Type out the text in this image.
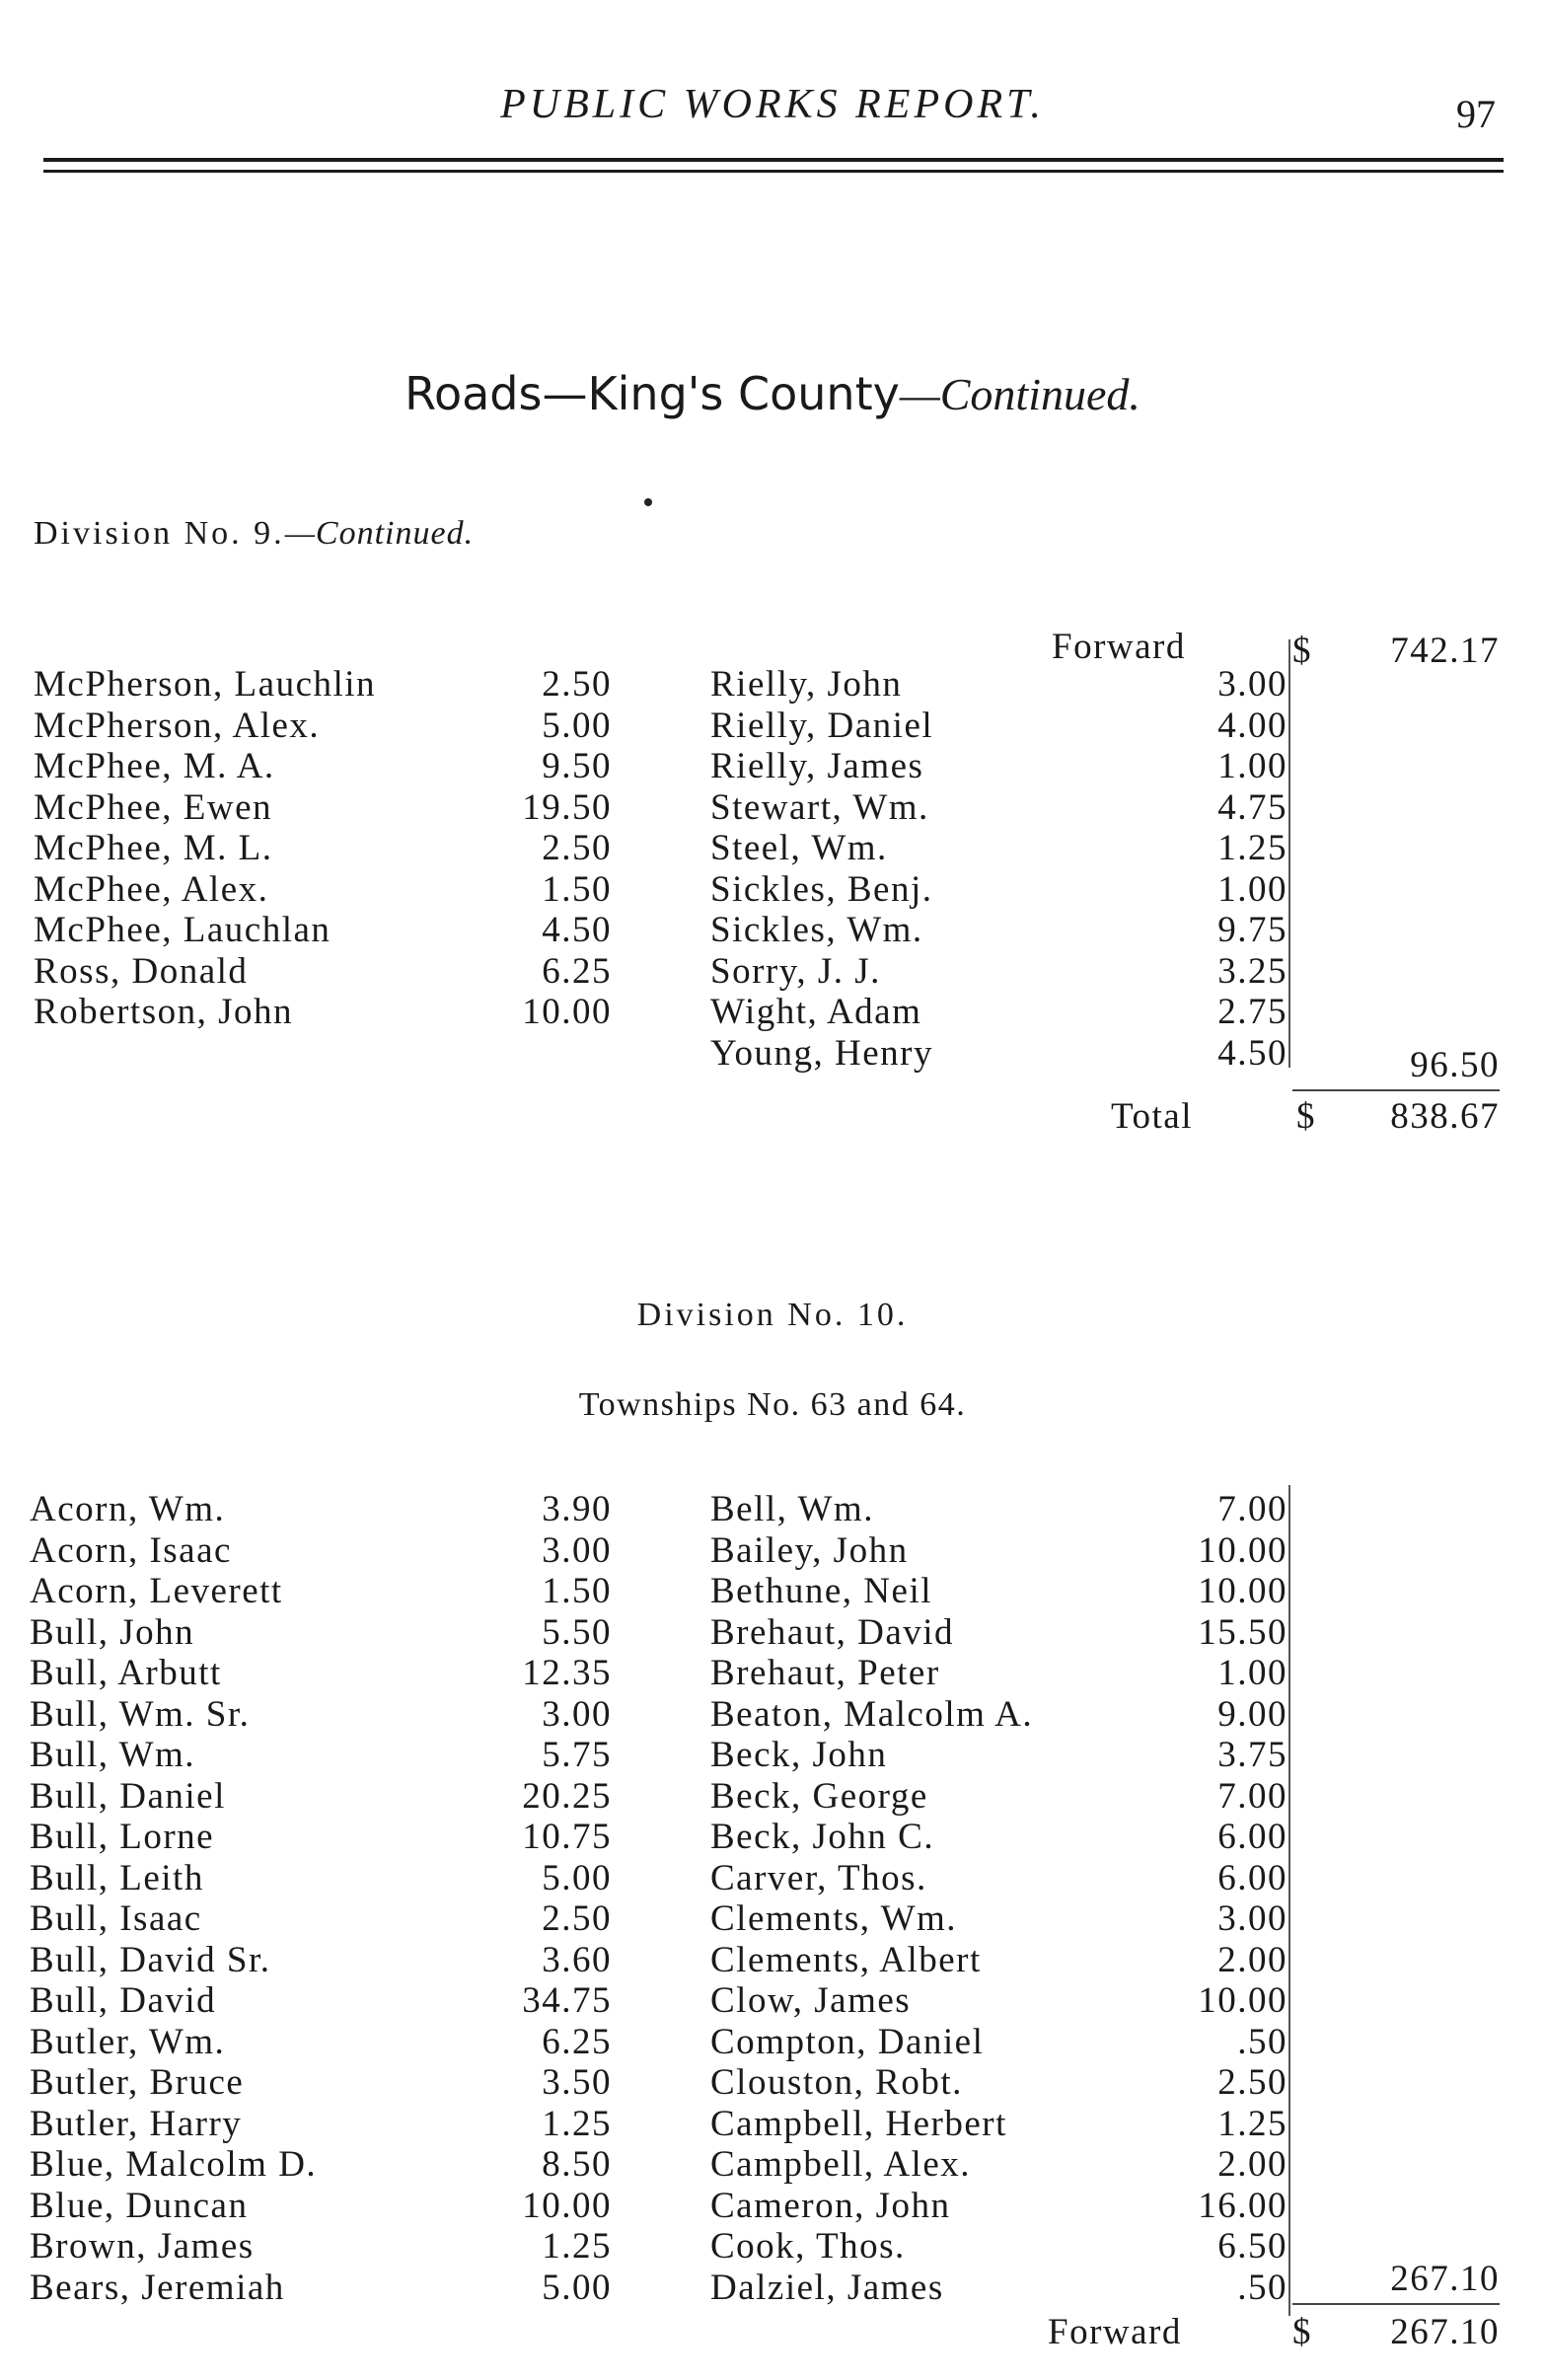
PUBLIC WORKS REPORT.	97
Roads—King's County—Continued.
Division No. 9.—Continued.
Forward	$	742.17
McPherson, Lauchlin	2.50
McPherson, Alex.	5.00
McPhee, M. A.	9.50
McPhee, Ewen	19.50
McPhee, M. L.	2.50
McPhee, Alex.	1.50
McPhee, Lauchlan	4.50
Ross, Donald	6.25
Robertson, John	10.00
Rielly, John	3.00
Rielly, Daniel	4.00
Rielly, James	1.00
Stewart, Wm.	4.75
Steel, Wm.	1.25
Sickles, Benj.	1.00
Sickles, Wm.	9.75
Sorry, J. J.	3.25
Wight, Adam	2.75
Young, Henry	4.50	96.50
Total	$	838.67
Division No. 10.
Townships No. 63 and 64.
Acorn, Wm.	3.90
Acorn, Isaac	3.00
Acorn, Leverett	1.50
Bull, John	5.50
Bull, Arbutt	12.35
Bull, Wm. Sr.	3.00
Bull, Wm.	5.75
Bull, Daniel	20.25
Bull, Lorne	10.75
Bull, Leith	5.00
Bull, Isaac	2.50
Bull, David Sr.	3.60
Bull, David	34.75
Butler, Wm.	6.25
Butler, Bruce	3.50
Butler, Harry	1.25
Blue, Malcolm D.	8.50
Blue, Duncan	10.00
Brown, James	1.25
Bears, Jeremiah	5.00
Bell, Wm.	7.00
Bailey, John	10.00
Bethune, Neil	10.00
Brehaut, David	15.50
Brehaut, Peter	1.00
Beaton, Malcolm A.	9.00
Beck, John	3.75
Beck, George	7.00
Beck, John C.	6.00
Carver, Thos.	6.00
Clements, Wm.	3.00
Clements, Albert	2.00
Clow, James	10.00
Compton, Daniel	.50
Clouston, Robt.	2.50
Campbell, Herbert	1.25
Campbell, Alex.	2.00
Cameron, John	16.00
Cook, Thos.	6.50
Dalziel, James	.50	267.10
Forward	$	267.10
